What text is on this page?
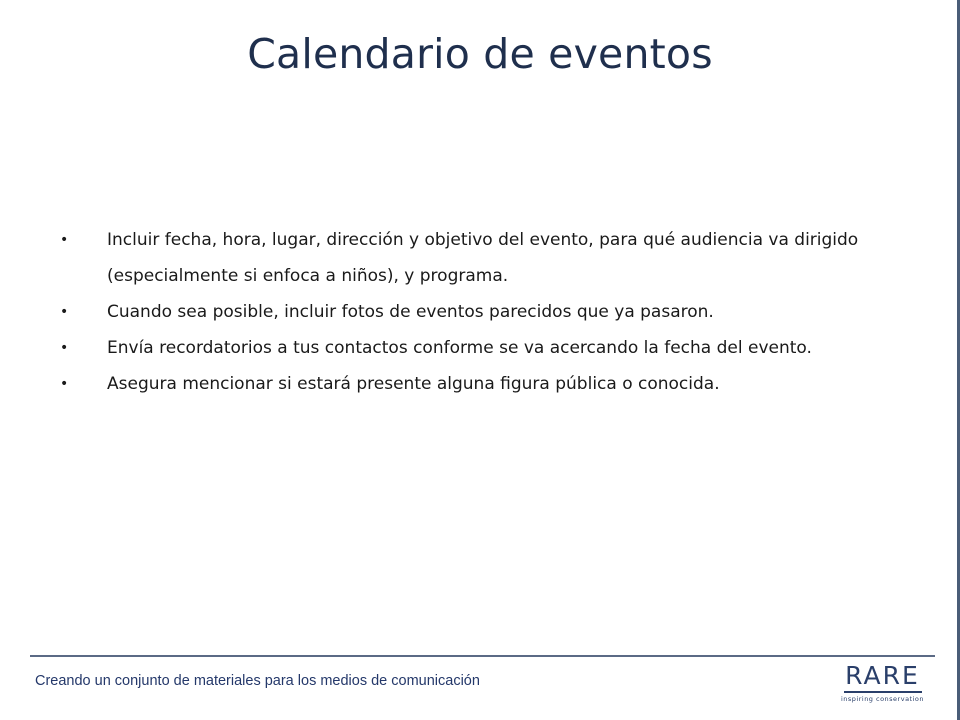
Calendario de eventos
• Incluir fecha, hora, lugar, dirección y objetivo del evento, para qué audiencia va dirigido (especialmente si enfoca a niños), y programa.
• Cuando sea posible, incluir fotos de eventos parecidos que ya pasaron.
• Envía recordatorios a tus contactos conforme se va acercando la fecha del evento.
• Asegura mencionar si estará presente alguna figura pública o conocida.
Creando un conjunto de materiales para los medios de comunicación	RARE
inspiring conservation
